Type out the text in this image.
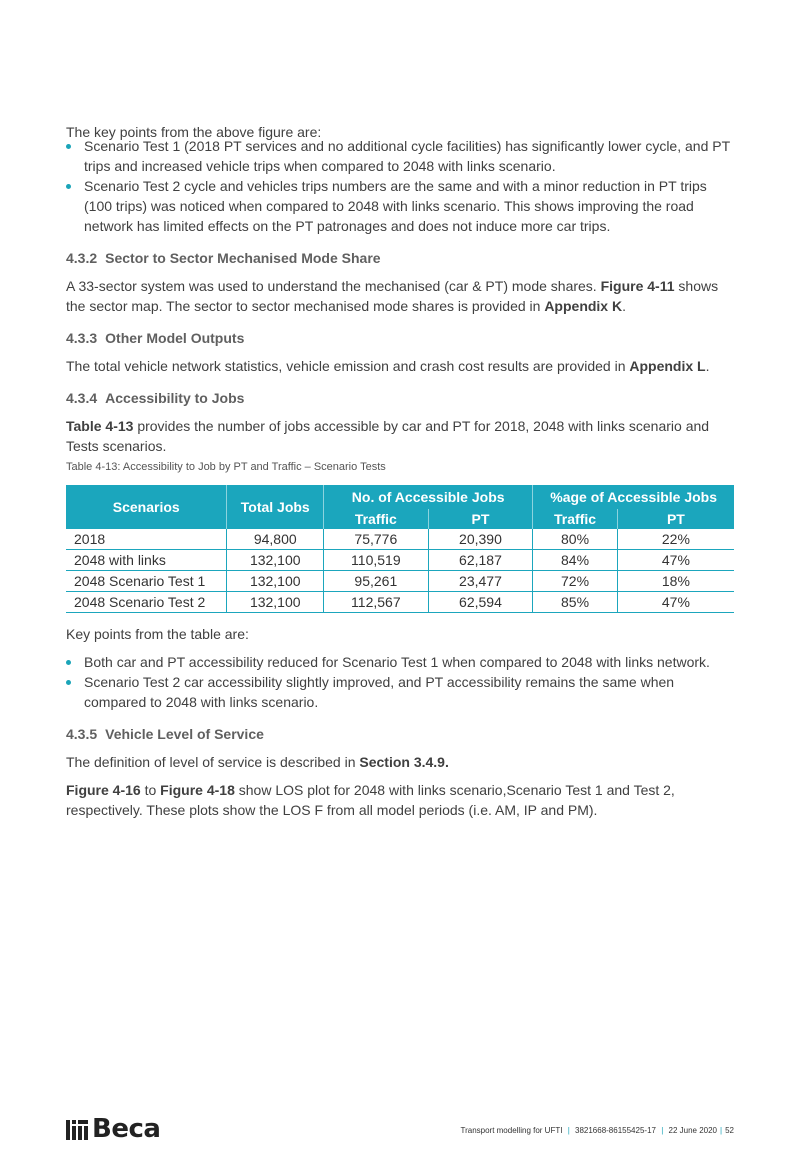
The key points from the above figure are:

Scenario Test 1 (2018 PT services and no additional cycle facilities) has significantly lower cycle, and PT trips and increased vehicle trips when compared to 2048 with links scenario.
Scenario Test 2 cycle and vehicles trips numbers are the same and with a minor reduction in PT trips (100 trips) was noticed when compared to 2048 with links scenario. This shows improving the road network has limited effects on the PT patronages and does not induce more car trips.
4.3.2 Sector to Sector Mechanised Mode Share

A 33-sector system was used to understand the mechanised (car & PT) mode shares. Figure 4-11 shows the sector map. The sector to sector mechanised mode shares is provided in Appendix K.

4.3.3 Other Model Outputs

The total vehicle network statistics, vehicle emission and crash cost results are provided in Appendix L.

4.3.4 Accessibility to Jobs

Table 4-13 provides the number of jobs accessible by car and PT for 2018, 2048 with links scenario and Tests scenarios.

Table 4-13: Accessibility to Job by PT and Traffic – Scenario Tests
Scenarios	Total Jobs	No. of Accessible Jobs		%age of Accessible Jobs	
		Traffic	PT	Traffic	PT
2018	94,800	75,776	20,390	80%	22%
2048 with links	132,100	110,519	62,187	84%	47%
2048 Scenario Test 1	132,100	95,261	23,477	72%	18%
2048 Scenario Test 2	132,100	112,567	62,594	85%	47%

Key points from the table are:

Both car and PT accessibility reduced for Scenario Test 1 when compared to 2048 with links network.
Scenario Test 2 car accessibility slightly improved, and PT accessibility remains the same when compared to 2048 with links scenario.
4.3.5 Vehicle Level of Service

The definition of level of service is described in Section 3.4.9.

Figure 4-16 to Figure 4-18 show LOS plot for 2048 with links scenario,Scenario Test 1 and Test 2, respectively. These plots show the LOS F from all model periods (i.e. AM, IP and PM).

Beca	Transport modelling for UFTI | 3821668-86155425-17 | 22 June 2020 | 52
